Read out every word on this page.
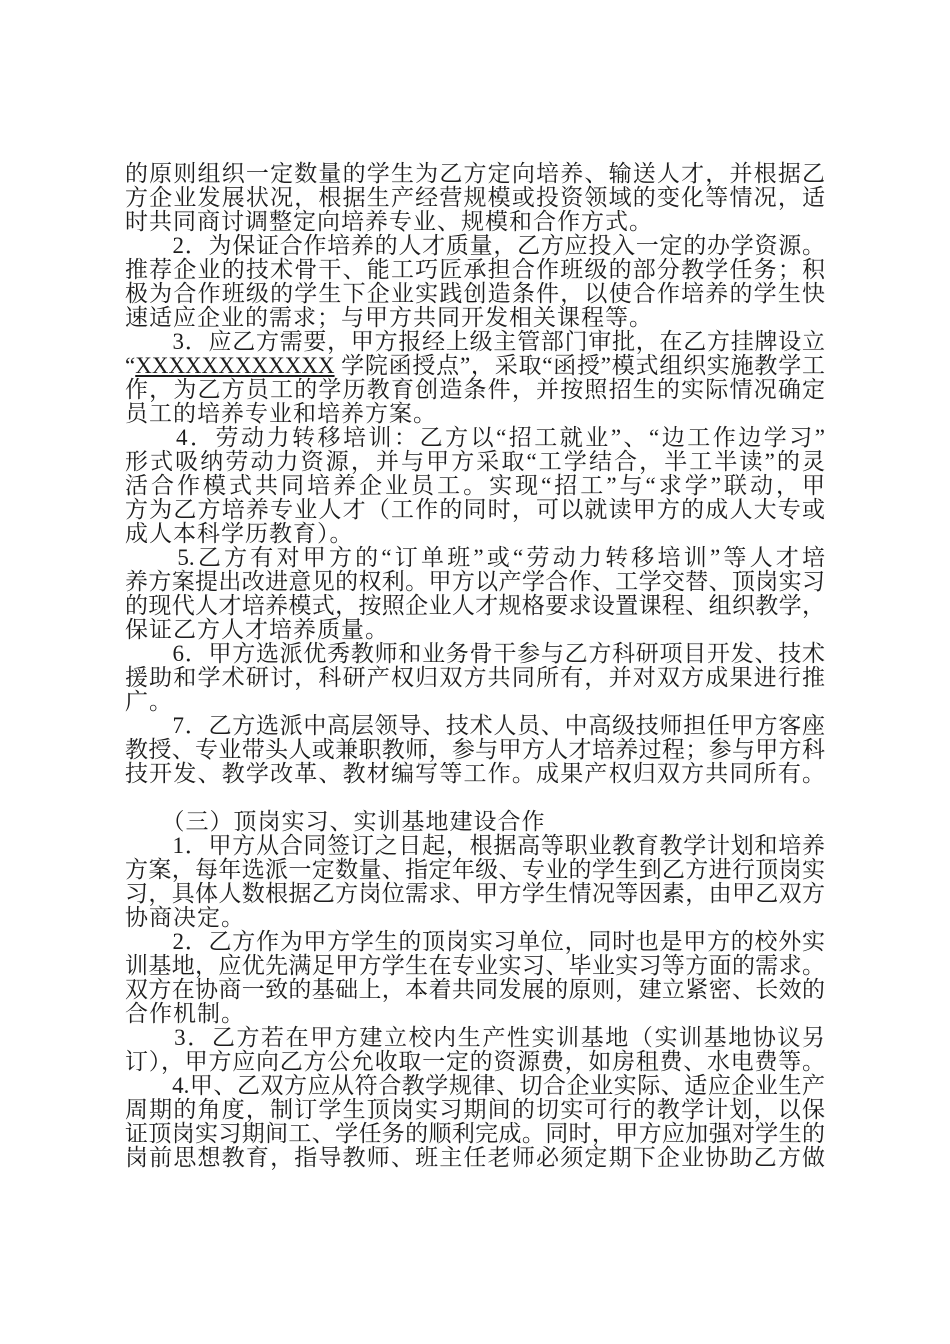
的原则组织一定数量的学生为乙方定向培养、输送人才，并根据乙
方企业发展状况，根据生产经营规模或投资领域的变化等情况，适
时共同商讨调整定向培养专业、规模和合作方式。
　　2．为保证合作培养的人才质量，乙方应投入一定的办学资源。
推荐企业的技术骨干、能工巧匠承担合作班级的部分教学任务；积
极为合作班级的学生下企业实践创造条件，以使合作培养的学生快
速适应企业的需求；与甲方共同开发相关课程等。
　　3．应乙方需要，甲方报经上级主管部门审批，在乙方挂牌设立
“XXXXXXXXXXXX 学院函授点”，采取“函授”模式组织实施教学工
作，为乙方员工的学历教育创造条件，并按照招生的实际情况确定
员工的培养专业和培养方案。
　　4．劳动力转移培训：乙方以“招工就业”、“边工作边学习”
形式吸纳劳动力资源，并与甲方采取“工学结合，半工半读”的灵
活合作模式共同培养企业员工。实现“招工”与“求学”联动，甲
方为乙方培养专业人才（工作的同时，可以就读甲方的成人大专或
成人本科学历教育）。
　　5.乙方有对甲方的“订单班”或“劳动力转移培训”等人才培
养方案提出改进意见的权利。甲方以产学合作、工学交替、顶岗实习
的现代人才培养模式，按照企业人才规格要求设置课程、组织教学，
保证乙方人才培养质量。
　　6．甲方选派优秀教师和业务骨干参与乙方科研项目开发、技术
援助和学术研讨，科研产权归双方共同所有，并对双方成果进行推
广。
　　7．乙方选派中高层领导、技术人员、中高级技师担任甲方客座
教授、专业带头人或兼职教师，参与甲方人才培养过程；参与甲方科
技开发、教学改革、教材编写等工作。成果产权归双方共同所有。
　　（三）顶岗实习、实训基地建设合作
　　1．甲方从合同签订之日起，根据高等职业教育教学计划和培养
方案，每年选派一定数量、指定年级、专业的学生到乙方进行顶岗实
习，具体人数根据乙方岗位需求、甲方学生情况等因素，由甲乙双方
协商决定。
　　2．乙方作为甲方学生的顶岗实习单位，同时也是甲方的校外实
训基地，应优先满足甲方学生在专业实习、毕业实习等方面的需求。
双方在协商一致的基础上，本着共同发展的原则，建立紧密、长效的
合作机制。
　　3．乙方若在甲方建立校内生产性实训基地（实训基地协议另
订），甲方应向乙方公允收取一定的资源费，如房租费、水电费等。
　　4.甲、乙双方应从符合教学规律、切合企业实际、适应企业生产
周期的角度，制订学生顶岗实习期间的切实可行的教学计划，以保
证顶岗实习期间工、学任务的顺利完成。同时，甲方应加强对学生的
岗前思想教育，指导教师、班主任老师必须定期下企业协助乙方做
